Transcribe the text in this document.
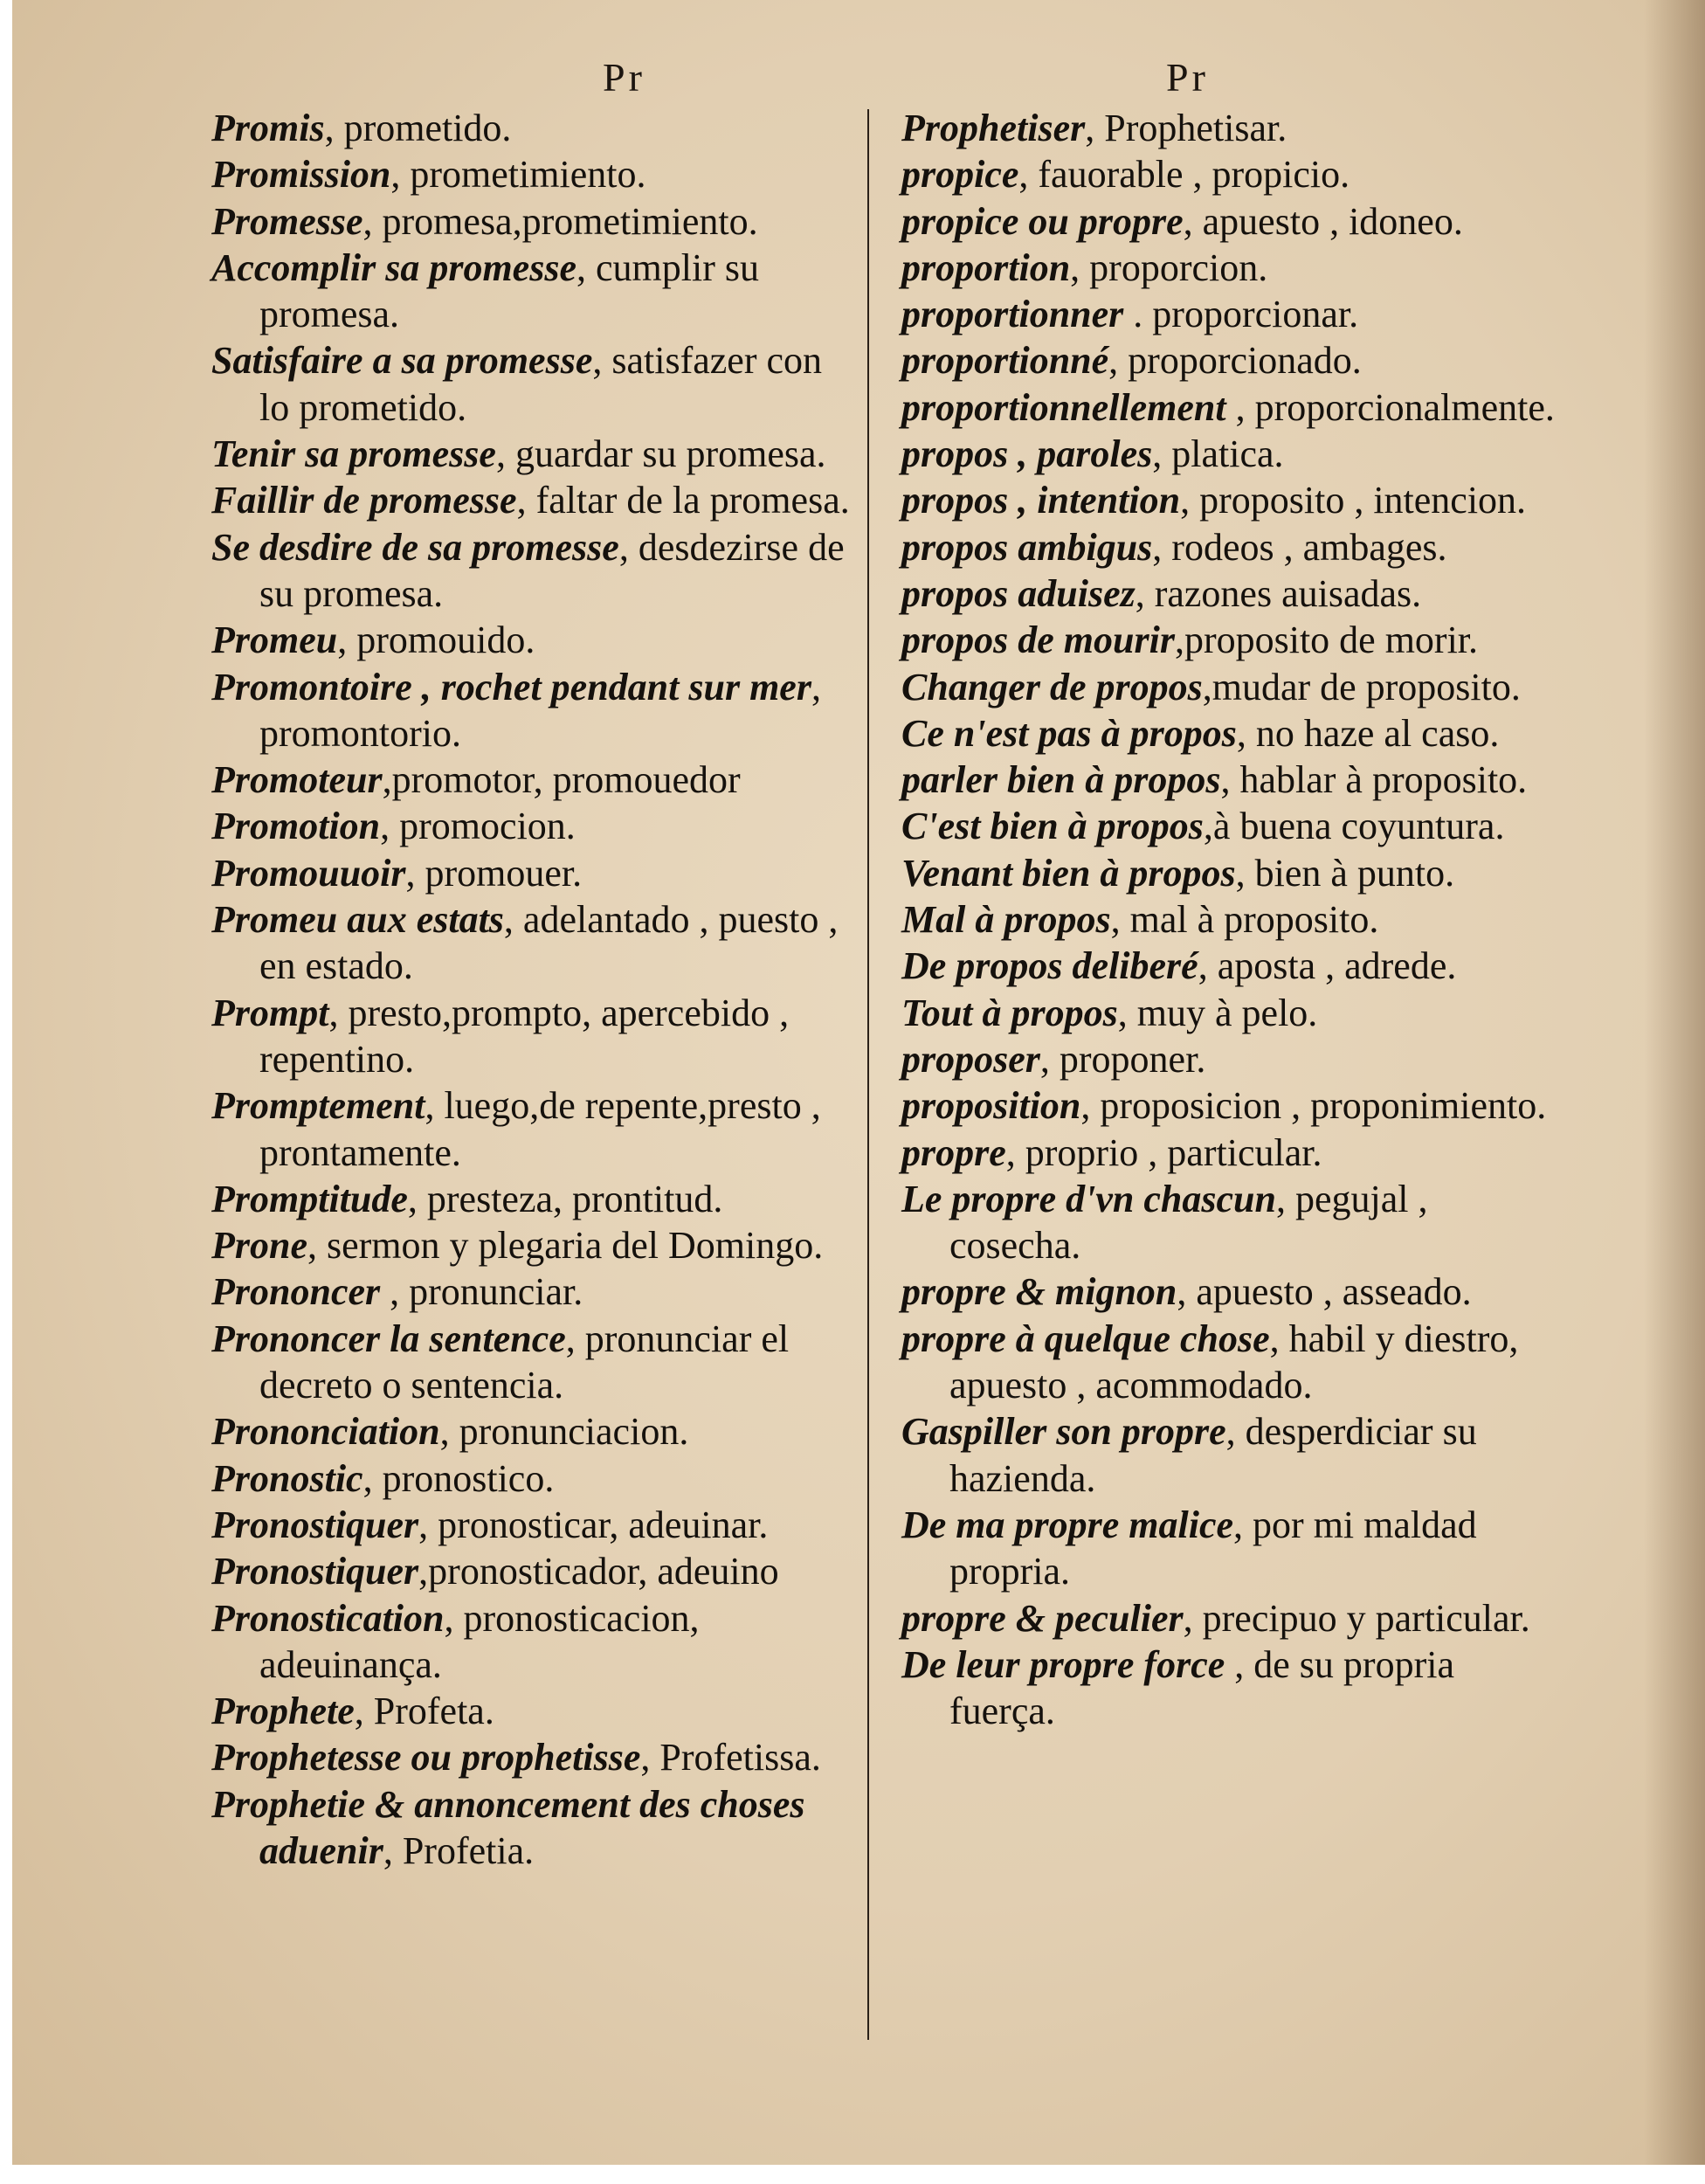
Pr	Pr
Promis, prometido.
Promission, prometimiento.
Promesse, promesa,prometimiento.
Accomplir sa promesse, cumplir su promesa.
Satisfaire a sa promesse, satisfazer con lo prometido.
Tenir sa promesse, guardar su promesa.
Faillir de promesse, faltar de la promesa.
Se desdire de sa promesse, desdezirse de su promesa.
Promeu, promouido.
Promontoire , rochet pendant sur mer, promontorio.
Promoteur,promotor, promouedor
Promotion, promocion.
Promouuoir, promouer.
Promeu aux estats, adelantado , puesto , en estado.
Prompt, presto,prompto, apercebido , repentino.
Promptement, luego,de repente,presto , prontamente.
Promptitude, presteza, prontitud.
Prone, sermon y plegaria del Domingo.
Prononcer , pronunciar.
Prononcer la sentence, pronunciar el decreto o sentencia.
Prononciation, pronunciacion.
Pronostic, pronostico.
Pronostiquer, pronosticar, adeuinar.
Pronostiquer,pronosticador, adeuino
Pronostication, pronosticacion, adeuinança.
Prophete, Profeta.
Prophetesse ou prophetisse, Profetissa.
Prophetie & annoncement des choses aduenir, Profetia.
Prophetiser, Prophetisar.
propice, fauorable , propicio.
propice ou propre, apuesto , idoneo.
proportion, proporcion.
proportionner . proporcionar.
proportionné, proporcionado.
proportionnellement , proporcionalmente.
propos , paroles, platica.
propos , intention, proposito , intencion.
propos ambigus, rodeos , ambages.
propos aduisez, razones auisadas.
propos de mourir,proposito de morir.
Changer de propos,mudar de proposito.
Ce n'est pas à propos, no haze al caso.
parler bien à propos, hablar à proposito.
C'est bien à propos,à buena coyuntura.
Venant bien à propos, bien à punto.
Mal à propos, mal à proposito.
De propos deliberé, aposta , adrede.
Tout à propos, muy à pelo.
proposer, proponer.
proposition, proposicion , proponimiento.
propre, proprio , particular.
Le propre d'vn chascun, pegujal , cosecha.
propre & mignon, apuesto , asseado.
propre à quelque chose, habil y diestro, apuesto , acommodado.
Gaspiller son propre, desperdiciar su hazienda.
De ma propre malice, por mi maldad propria.
propre & peculier, precipuo y particular.
De leur propre force , de su propria fuerça.
